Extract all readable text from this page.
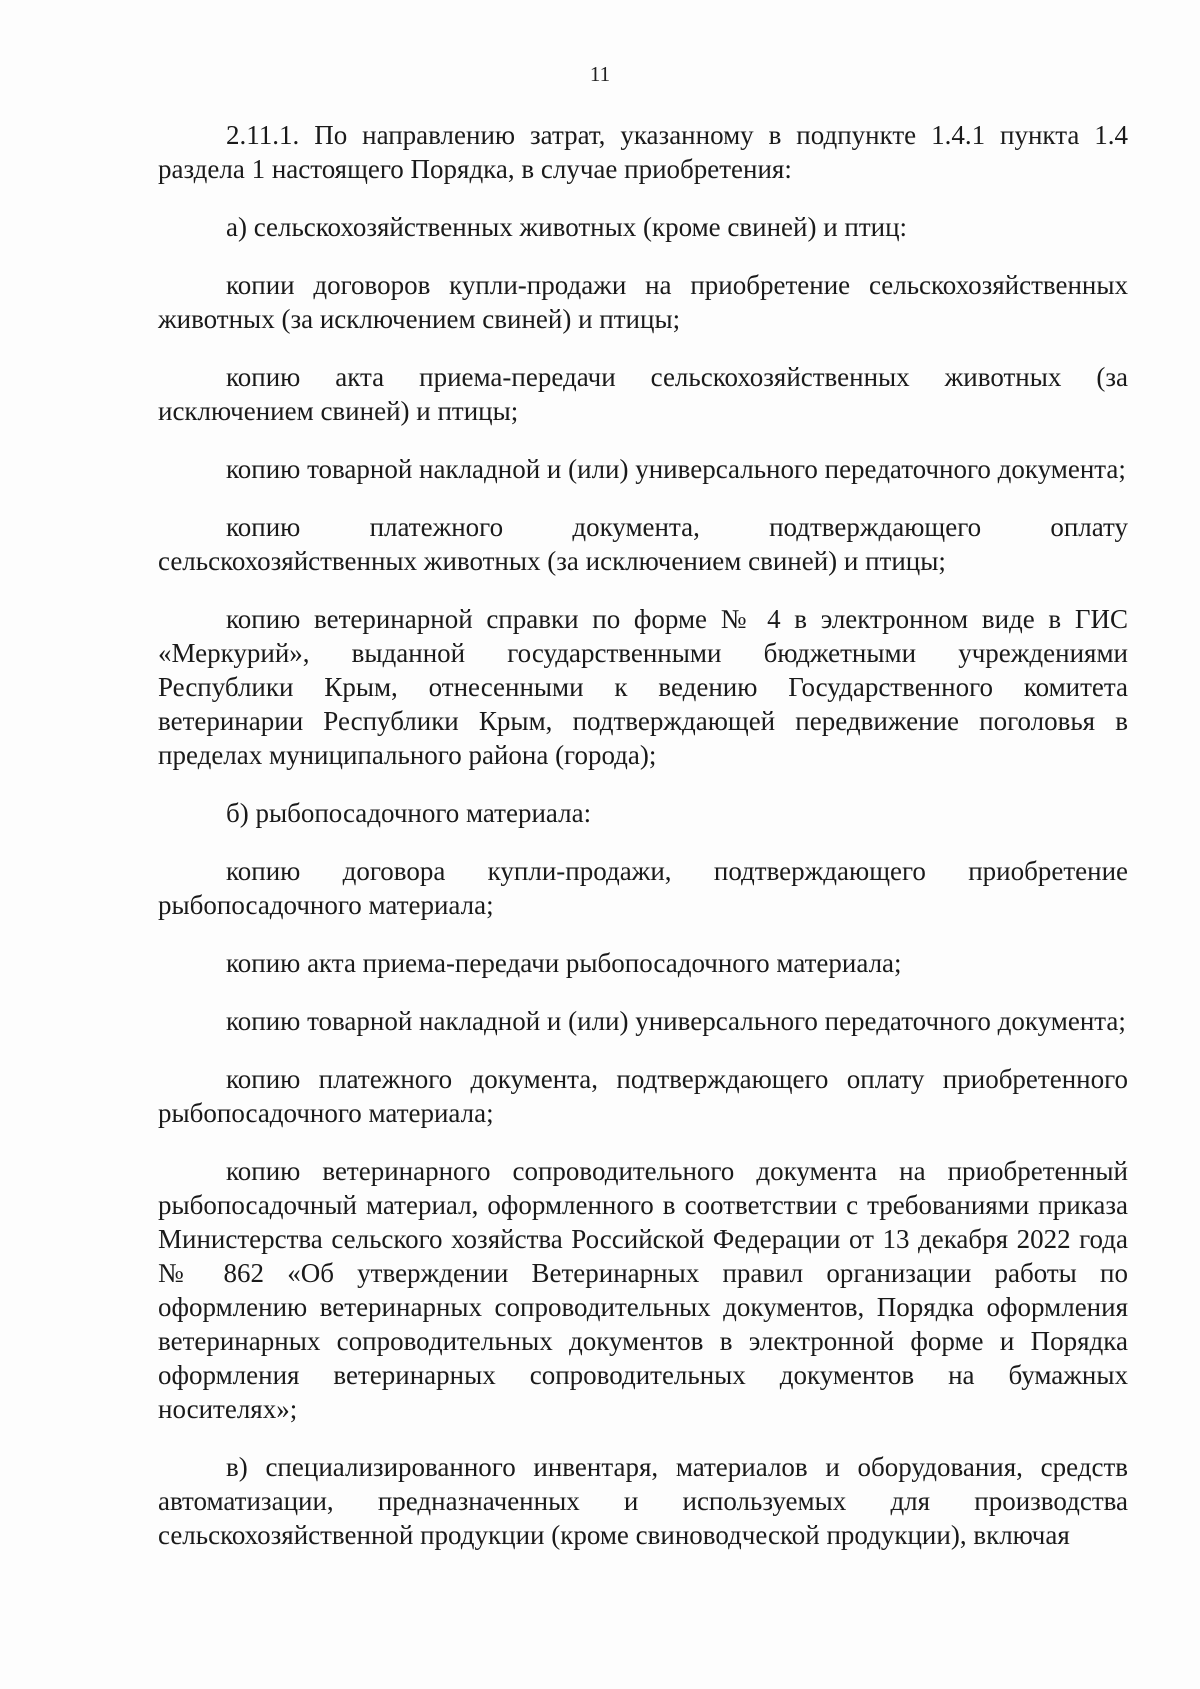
11

2.11.1. По направлению затрат, указанному в подпункте 1.4.1 пункта 1.4 раздела 1 настоящего Порядка, в случае приобретения:

а) сельскохозяйственных животных (кроме свиней) и птиц:

копии договоров купли-продажи на приобретение сельскохозяйственных животных (за исключением свиней) и птицы;

копию акта приема-передачи сельскохозяйственных животных (за исключением свиней) и птицы;

копию товарной накладной и (или) универсального передаточного документа;

копию платежного документа, подтверждающего оплату сельскохозяйственных животных (за исключением свиней) и птицы;

копию ветеринарной справки по форме № 4 в электронном виде в ГИС «Меркурий», выданной государственными бюджетными учреждениями Республики Крым, отнесенными к ведению Государственного комитета ветеринарии Республики Крым, подтверждающей передвижение поголовья в пределах муниципального района (города);

б) рыбопосадочного материала:

копию договора купли-продажи, подтверждающего приобретение рыбопосадочного материала;

копию акта приема-передачи рыбопосадочного материала;

копию товарной накладной и (или) универсального передаточного документа;

копию платежного документа, подтверждающего оплату приобретенного рыбопосадочного материала;

копию ветеринарного сопроводительного документа на приобретенный рыбопосадочный материал, оформленного в соответствии с требованиями приказа Министерства сельского хозяйства Российской Федерации от 13 декабря 2022 года № 862 «Об утверждении Ветеринарных правил организации работы по оформлению ветеринарных сопроводительных документов, Порядка оформления ветеринарных сопроводительных документов в электронной форме и Порядка оформления ветеринарных сопроводительных документов на бумажных носителях»;

в) специализированного инвентаря, материалов и оборудования, средств автоматизации, предназначенных и используемых для производства сельскохозяйственной продукции (кроме свиноводческой продукции), включая
